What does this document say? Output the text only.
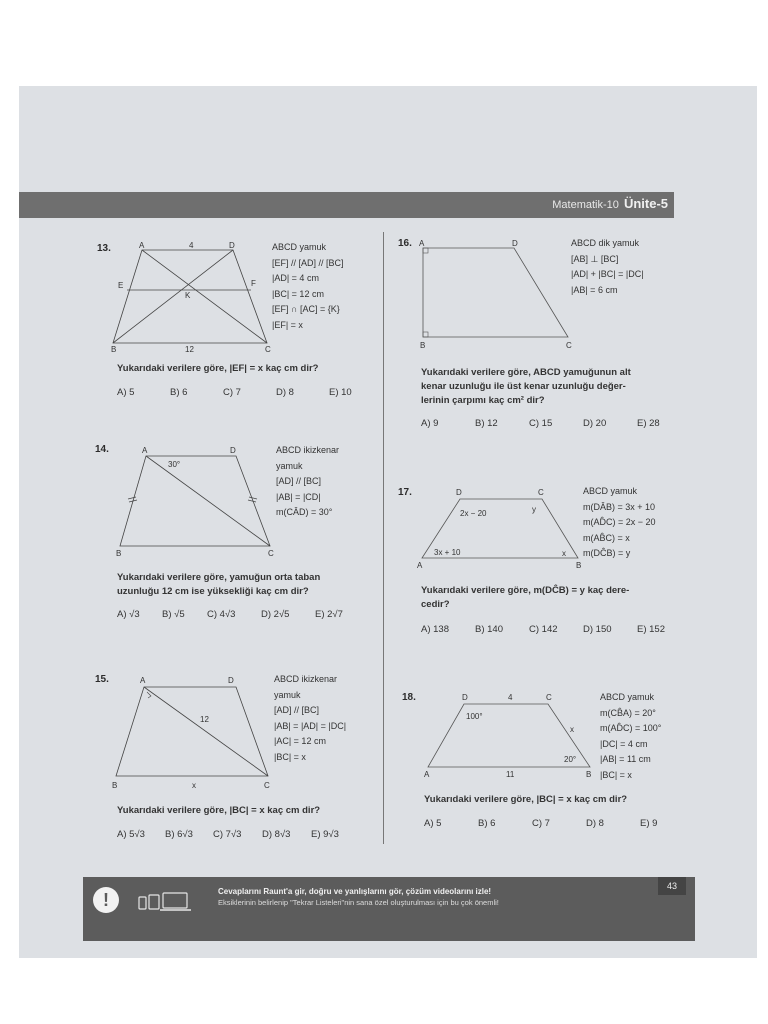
Matematik-10 Ünite-5
13.	A	4	D
E	F
K
B	12	C
ABCD yamuk
[EF] // [AD] // [BC]
|AD| = 4 cm
|BC| = 12 cm
[EF] ∩ [AC] = {K}
|EF| = x
Yukarıdaki verilere göre, |EF| = x kaç cm dir?
A) 5	B) 6	C) 7	D) 8	E) 10
14.	A	D
30°
B	C
ABCD ikizkenar
yamuk
[AD] // [BC]
|AB| = |CD|
m(CÂD) = 30°
Yukarıdaki verilere göre, yamuğun orta taban
uzunluğu 12 cm ise yüksekliği kaç cm dir?
A) √3	B) √5	C) 4√3	D) 2√5	E) 2√7
15.	A	D
12
B	x	C
ABCD ikizkenar
yamuk
[AD] // [BC]
|AB| = |AD| = |DC|
|AC| = 12 cm
|BC| = x
Yukarıdaki verilere göre, |BC| = x kaç cm dir?
A) 5√3	B) 6√3	C) 7√3	D) 8√3	E) 9√3
16. A	D
B	C
ABCD dik yamuk
[AB] ⊥ [BC]
|AD| + |BC| = |DC|
|AB| = 6 cm
Yukarıdaki verilere göre, ABCD yamuğunun alt
kenar uzunluğu ile üst kenar uzunluğu değer-
lerinin çarpımı kaç cm² dir?
A) 9	B) 12	C) 15	D) 20	E) 28
17.	D	C
2x − 20	y
3x + 10	x
A	B
ABCD yamuk
m(DÂB) = 3x + 10
m(AD̂C) = 2x − 20
m(AB̂C) = x
m(DĈB) = y
Yukarıdaki verilere göre, m(DĈB) = y kaç dere-
cedir?
A) 138	B) 140	C) 142	D) 150	E) 152
18.	D	4	C
100°
x
20°
A	11	B
ABCD yamuk
m(CB̂A) = 20°
m(AD̂C) = 100°
|DC| = 4 cm
|AB| = 11 cm
|BC| = x
Yukarıdaki verilere göre, |BC| = x kaç cm dir?
A) 5	B) 6	C) 7	D) 8	E) 9
!	Cevaplarını Raunt'a gir, doğru ve yanlışlarını gör, çözüm videolarını izle!
Eksiklerinin belirlenip "Tekrar Listeleri"nin sana özel oluşturulması için bu çok önemli!
43
